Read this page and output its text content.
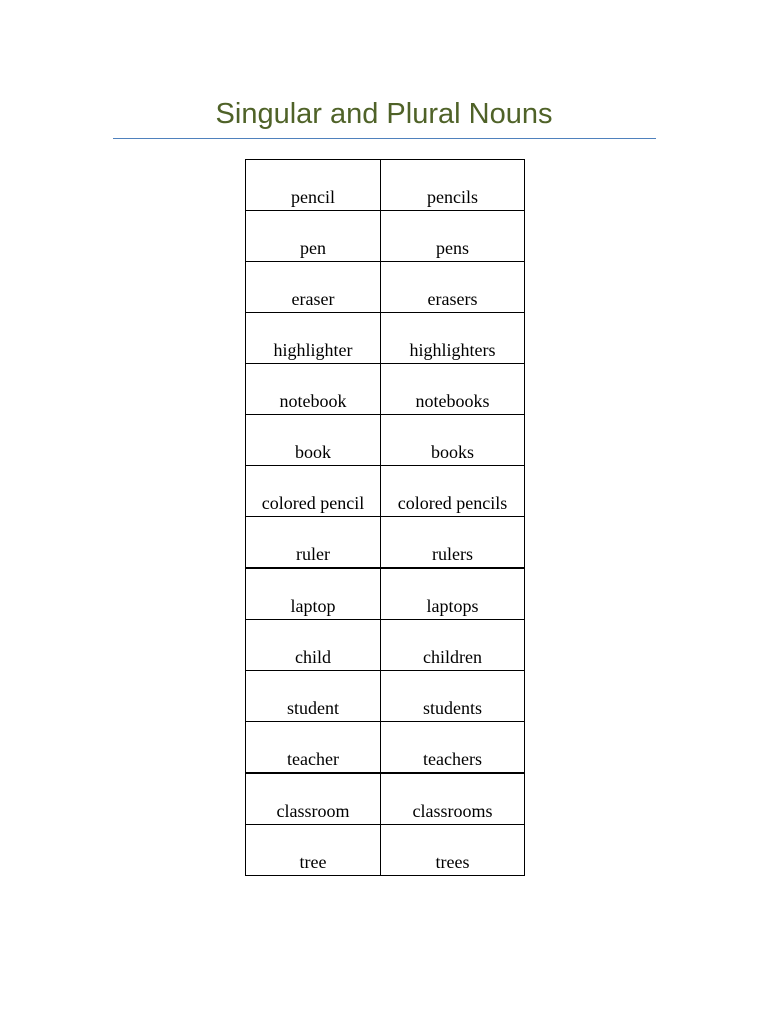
Singular and Plural Nouns
pencil	pencils
pen	pens
eraser	erasers
highlighter	highlighters
notebook	notebooks
book	books
colored pencil	colored pencils
ruler	rulers
laptop	laptops
child	children
student	students
teacher	teachers
classroom	classrooms
tree	trees
